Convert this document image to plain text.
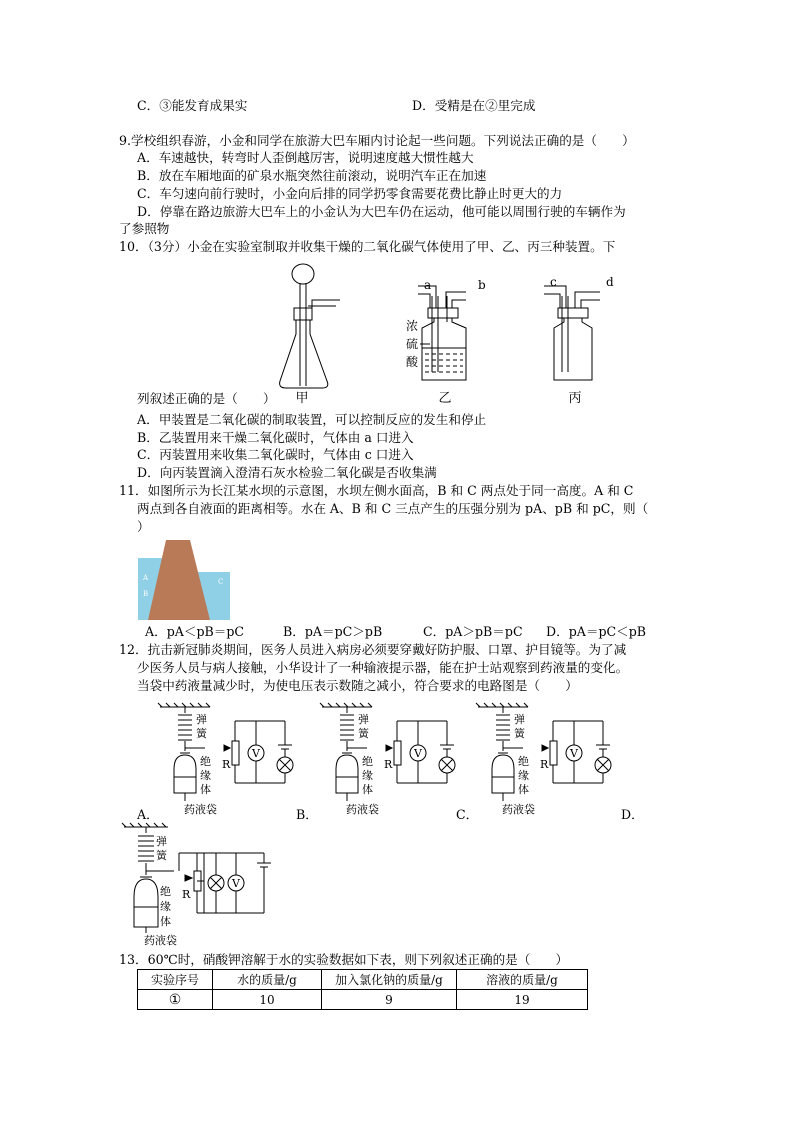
C．③能发育成果实	D．受精是在②里完成
9.学校组织春游，小金和同学在旅游大巴车厢内讨论起一些问题。下列说法正确的是（　　）
A．车速越快，转弯时人歪倒越厉害，说明速度越大惯性越大
B．放在车厢地面的矿泉水瓶突然往前滚动，说明汽车正在加速
C．车匀速向前行驶时，小金向后排的同学扔零食需要花费比静止时更大的力
D．停靠在路边旅游大巴车上的小金认为大巴车仍在运动，他可能以周围行驶的车辆作为
了参照物
10．（3分）小金在实验室制取并收集干燥的二氧化碳气体使用了甲、乙、丙三种装置。下
甲
a	b
浓
硫
酸
乙
c	d
丙
列叙述正确的是（　　）
A．甲装置是二氧化碳的制取装置，可以控制反应的发生和停止
B．乙装置用来干燥二氧化碳时，气体由 a 口进入
C．丙装置用来收集二氧化碳时，气体由 c 口进入
D．向丙装置滴入澄清石灰水检验二氧化碳是否收集满
11．如图所示为长江某水坝的示意图，水坝左侧水面高，B 和 C 两点处于同一高度。A 和 C
两点到各自液面的距离相等。水在 A、B 和 C 三点产生的压强分别为 pA、pB 和 pC，则（
）
A
B
C
A．pA＜pB＝pC	B．pA＝pC＞pB	C．pA＞pB＝pC D．pA＝pC＜pB
12．抗击新冠肺炎期间，医务人员进入病房必须要穿戴好防护服、口罩、护目镜等。为了减
少医务人员与病人接触，小华设计了一种输液提示器，能在护士站观察到药液量的变化。
当袋中药液量减少时，为使电压表示数随之减小，符合要求的电路图是（　　）
V
R
弹
簧
绝
缘
体
药液袋
V
R
弹
簧
绝
缘
体
药液袋
V
R
弹
簧
绝
缘
体
药液袋
A．	B．	C．	D．
V
R
弹
簧
绝
缘
体
药液袋
13．60℃时，硝酸钾溶解于水的实验数据如下表，则下列叙述正确的是（　　）
实验序号	水的质量/g	加入氯化钠的质量/g	溶液的质量/g
①	10	9	19
